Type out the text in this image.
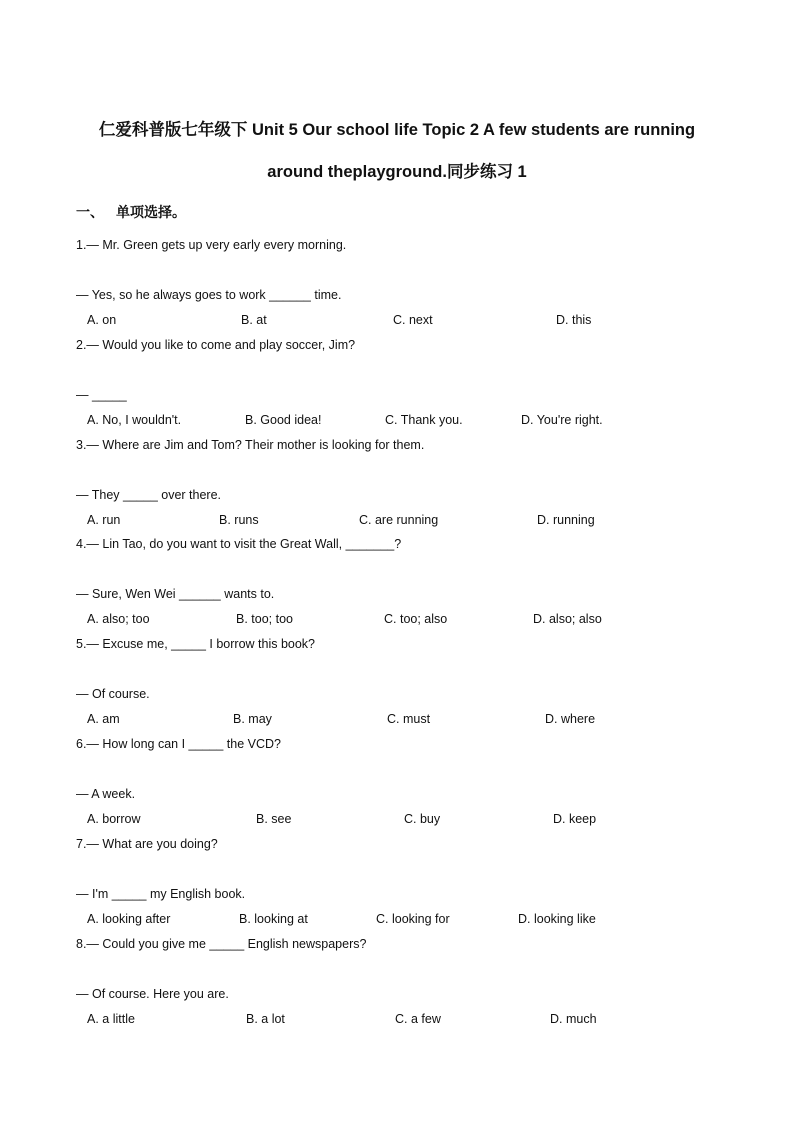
仁爱科普版七年级下 Unit 5 Our school life Topic 2 A few students are running
around theplayground.同步练习 1
一、 单项选择。
1.— Mr. Green gets up very early every morning.
— Yes, so he always goes to work ______ time.
A. on	B. at	C. next	D. this
2.— Would you like to come and play soccer, Jim?
— _____
A. No, I wouldn't.	B. Good idea!	C. Thank you.	D. You're right.
3.— Where are Jim and Tom? Their mother is looking for them.
— They _____ over there.
A. run	B. runs	C. are running	D. running
4.— Lin Tao, do you want to visit the Great Wall, _______?
— Sure, Wen Wei ______ wants to.
A. also; too	B. too; too	C. too; also	D. also; also
5.— Excuse me, _____ I borrow this book?
— Of course.
A. am	B. may	C. must	D. where
6.— How long can I _____ the VCD?
— A week.
A. borrow	B. see	C. buy	D. keep
7.— What are you doing?
— I'm _____ my English book.
A. looking after	B. looking at	C. looking for	D. looking like
8.— Could you give me _____ English newspapers?
— Of course. Here you are.
A. a little	B. a lot	C. a few	D. much
